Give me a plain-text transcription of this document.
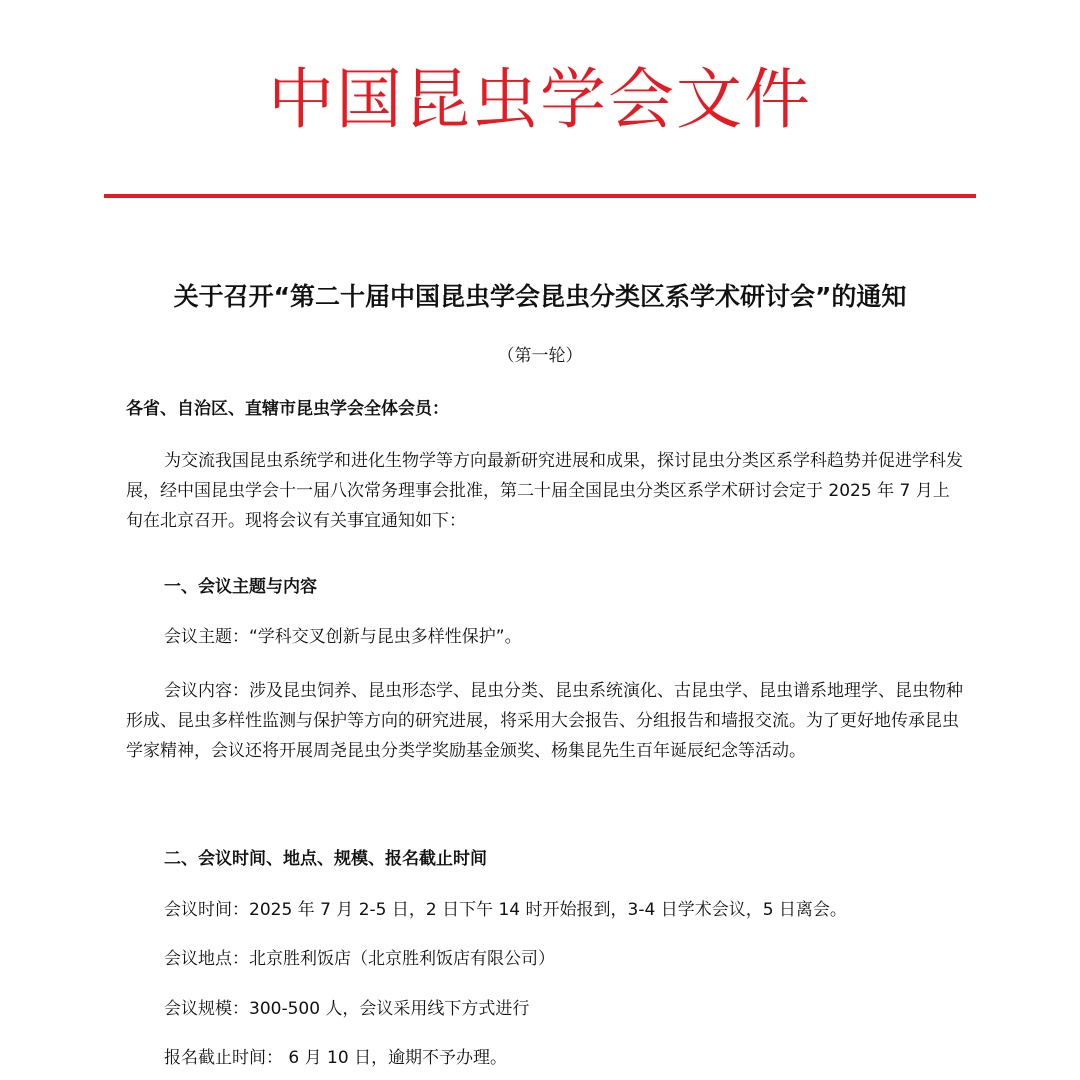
中国昆虫学会文件
关于召开“第二十届中国昆虫学会昆虫分类区系学术研讨会”的通知
（第一轮）
各省、自治区、直辖市昆虫学会全体会员：
为交流我国昆虫系统学和进化生物学等方向最新研究进展和成果，探讨昆虫分类区系学科趋势并促进学科发展，经中国昆虫学会十一届八次常务理事会批准，第二十届全国昆虫分类区系学术研讨会定于 2025 年 7 月上旬在北京召开。现将会议有关事宜通知如下：
一、会议主题与内容
会议主题：“学科交叉创新与昆虫多样性保护”。
会议内容：涉及昆虫饲养、昆虫形态学、昆虫分类、昆虫系统演化、古昆虫学、昆虫谱系地理学、昆虫物种形成、昆虫多样性监测与保护等方向的研究进展，将采用大会报告、分组报告和墙报交流。为了更好地传承昆虫学家精神，会议还将开展周尧昆虫分类学奖励基金颁奖、杨集昆先生百年诞辰纪念等活动。
二、会议时间、地点、规模、报名截止时间
会议时间：2025 年 7 月 2-5 日，2 日下午 14 时开始报到，3-4 日学术会议，5 日离会。
会议地点：北京胜利饭店（北京胜利饭店有限公司）
会议规模：300-500 人，会议采用线下方式进行
报名截止时间： 6 月 10 日，逾期不予办理。
